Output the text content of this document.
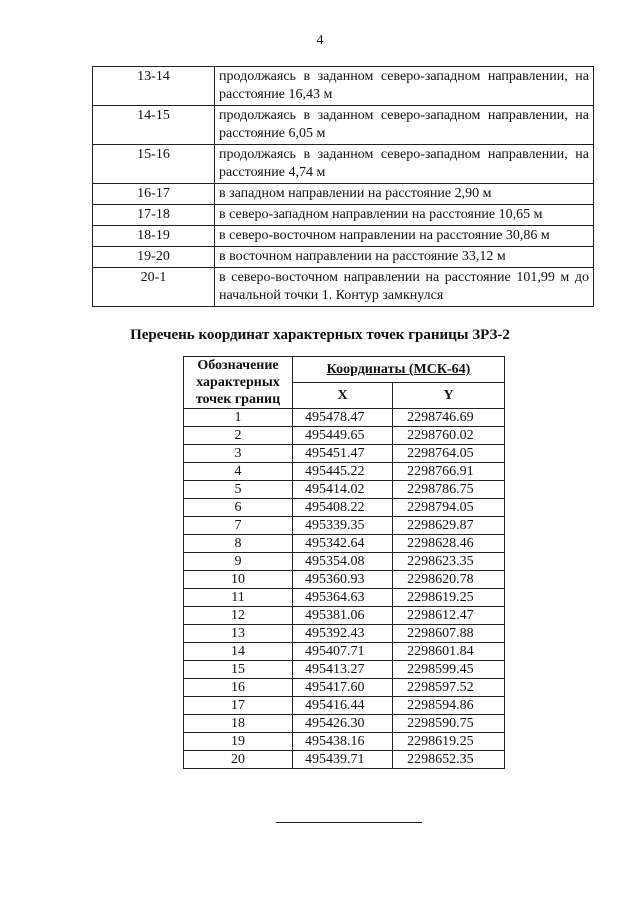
4
13-14	продолжаясь в заданном северо-западном направлении, на расстояние 16,43 м
14-15	продолжаясь в заданном северо-западном направлении, на расстояние 6,05 м
15-16	продолжаясь в заданном северо-западном направлении, на расстояние 4,74 м
16-17	в западном направлении на расстояние 2,90 м
17-18	в северо-западном направлении на расстояние 10,65 м
18-19	в северо-восточном направлении на расстояние 30,86 м
19-20	в восточном направлении на расстояние 33,12 м
20-1	в северо-восточном направлении на расстояние 101,99 м до начальной точки 1. Контур замкнулся
Перечень координат характерных точек границы ЗРЗ-2
Обозначение характерных точек границ	Координаты (МСК-64)	
	X	Y
1	495478.47	2298746.69
2	495449.65	2298760.02
3	495451.47	2298764.05
4	495445.22	2298766.91
5	495414.02	2298786.75
6	495408.22	2298794.05
7	495339.35	2298629.87
8	495342.64	2298628.46
9	495354.08	2298623.35
10	495360.93	2298620.78
11	495364.63	2298619.25
12	495381.06	2298612.47
13	495392.43	2298607.88
14	495407.71	2298601.84
15	495413.27	2298599.45
16	495417.60	2298597.52
17	495416.44	2298594.86
18	495426.30	2298590.75
19	495438.16	2298619.25
20	495439.71	2298652.35
